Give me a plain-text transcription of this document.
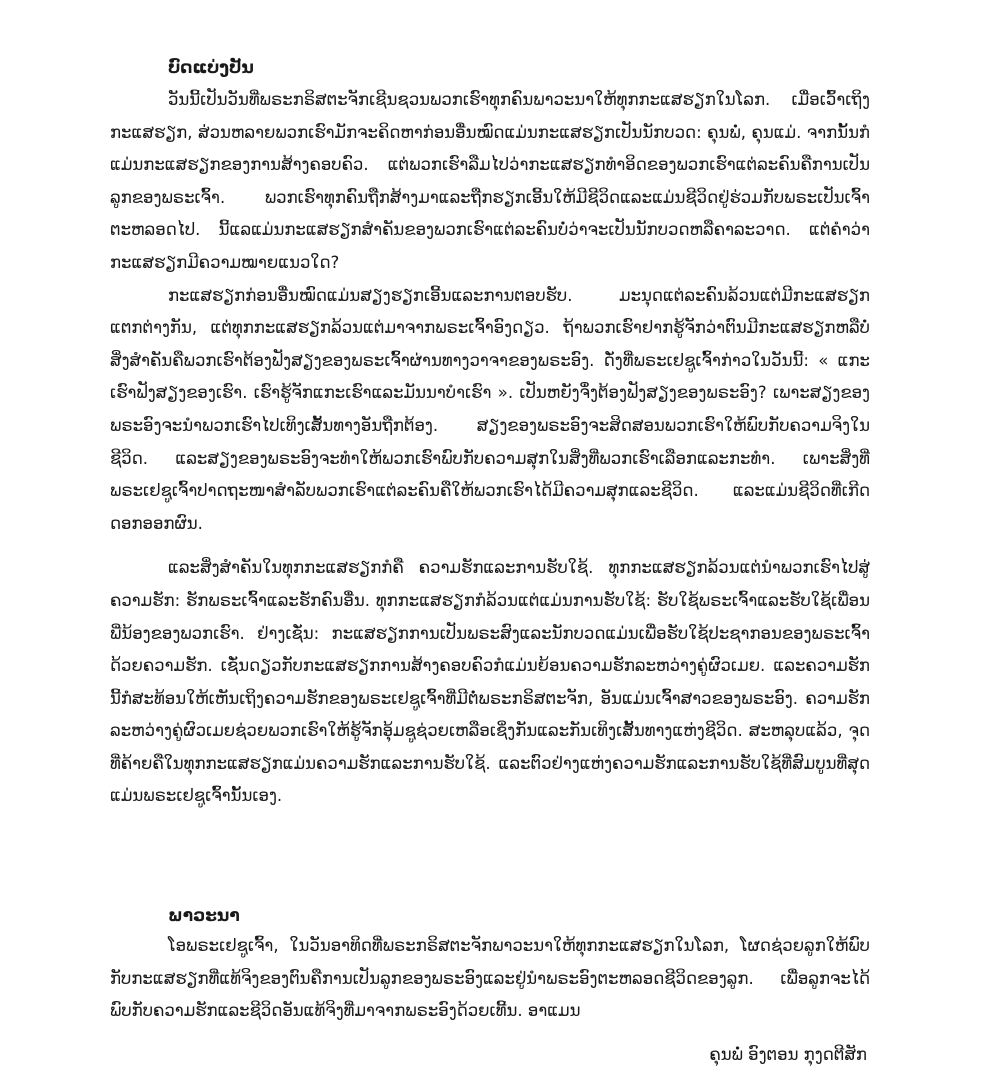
ບົດແບ່ງປັນ

ວັນນີ້ເປັນວັນທີ່ພຣະກຣິສຕະຈັກເຊີນຊວນພວກເຮົາທຸກຄົນພາວະນາໃຫ້ທຸກກະແສຮຽກໃນໂລກ. ເມື່ອເວົ້າເຖິງກະແສຮຽກ, ສ່ວນຫລາຍພວກເຮົາມັກຈະຄິດຫາກ່ອນອື່ນໝົດແມ່ນກະແສຮຽກເປັນນັກບວດ: ຄຸນພໍ່, ຄຸນແມ່. ຈາກນັ້ນກໍແມ່ນກະແສຮຽກຂອງການສ້າງຄອບຄົວ. ແຕ່ພວກເຮົາລືມໄປວ່າກະແສຮຽກທຳອິດຂອງພວກເຮົາແຕ່ລະຄົນຄືການເປັນລູກຂອງພຣະເຈົ້າ. ພວກເຮົາທຸກຄົນຖືກສ້າງມາແລະຖືກຮຽກເອີ້ນໃຫ້ມີຊີວິດແລະແມ່ນຊີວິດຢູ່ຮ່ວມກັບພຣະເປັນເຈົ້າຕະຫລອດໄປ. ນີ້ແລແມ່ນກະແສຮຽກສຳຄັນຂອງພວກເຮົາແຕ່ລະຄົນບໍ່ວ່າຈະເປັນນັກບວດຫລືຄາລະວາດ. ແຕ່ຄຳວ່າກະແສຮຽກມີຄວາມໝາຍແນວໃດ?

ກະແສຮຽກກ່ອນອື່ນໝົດແມ່ນສຽງຮຽກເອີ້ນແລະການຕອບຮັບ. ມະນຸດແຕ່ລະຄົນລ້ວນແຕ່ມີກະແສຮຽກແຕກຕ່າງກັນ, ແຕ່ທຸກກະແສຮຽກລ້ວນແຕ່ມາຈາກພຣະເຈົ້າອົງດຽວ. ຖ້າພວກເຮົາຢາກຮູ້ຈັກວ່າຕົນມີກະແສຮຽກຫລືບໍ່ ສິ່ງສຳຄັນຄືພວກເຮົາຕ້ອງຟັງສຽງຂອງພຣະເຈົ້າຜ່ານທາງວາຈາຂອງພຣະອົງ. ດັ່ງທີ່ພຣະເຢຊູເຈົ້າກ່າວໃນວັນນີ້: « ແກະເຮົາຟັງສຽງຂອງເຮົາ. ເຮົາຮູ້ຈັກແກະເຮົາແລະມັນນາບໍາເຮົາ ». ເປັນຫຍັງຈຶ່ງຕ້ອງຟັງສຽງຂອງພຣະອົງ? ເພາະສຽງຂອງພຣະອົງຈະນຳພວກເຮົາໄປເທິງເສັ້ນທາງອັນຖືກຕ້ອງ. ສຽງຂອງພຣະອົງຈະສິດສອນພວກເຮົາໃຫ້ພົບກັບຄວາມຈິງໃນຊີວິດ. ແລະສຽງຂອງພຣະອົງຈະທຳໃຫ້ພວກເຮົາພົບກັບຄວາມສຸກໃນສິ່ງທີ່ພວກເຮົາເລືອກແລະກະທຳ. ເພາະສິ່ງທີ່ພຣະເຢຊູເຈົ້າປາດຖະໜາສຳລັບພວກເຮົາແຕ່ລະຄົນຄືໃຫ້ພວກເຮົາໄດ້ມີຄວາມສຸກແລະຊີວິດ. ແລະແມ່ນຊີວິດທີ່ເກີດດອກອອກຜົນ.

ແລະສິ່ງສຳຄັນໃນທຸກກະແສຮຽກກໍຄື ຄວາມຮັກແລະການຮັບໃຊ້. ທຸກກະແສຮຽກລ້ວນແຕ່ນຳພວກເຮົາໄປສູ່ຄວາມຮັກ: ຮັກພຣະເຈົ້າແລະຮັກຄົນອື່ນ. ທຸກກະແສຮຽກກໍລ້ວນແຕ່ແມ່ນການຮັບໃຊ້: ຮັບໃຊ້ພຣະເຈົ້າແລະຮັບໃຊ້ເພື່ອນພີ່ນ້ອງຂອງພວກເຮົາ. ຢ່າງເຊັ່ນ: ກະແສຮຽກການເປັນພຣະສົງແລະນັກບວດແມ່ນເພື່ອຮັບໃຊ້ປະຊາກອນຂອງພຣະເຈົ້າດ້ວຍຄວາມຮັກ. ເຊັ່ນດຽວກັບກະແສຮຽກການສ້າງຄອບຄົວກໍແມ່ນຍ້ອນຄວາມຮັກລະຫວ່າງຄູ່ຜົວເມຍ. ແລະຄວາມຮັກນີ້ກໍສະທ້ອນໃຫ້ເຫັນເຖິງຄວາມຮັກຂອງພຣະເຢຊູເຈົ້າທີ່ມີຕໍ່ພຣະກຣິສຕະຈັກ, ອັນແມ່ນເຈົ້າສາວຂອງພຣະອົງ. ຄວາມຮັກລະຫວ່າງຄູ່ຜົວເມຍຊ່ວຍພວກເຮົາໃຫ້ຮູ້ຈັກອຸ້ມຊູຊ່ວຍເຫລືອເຊິ່ງກັນແລະກັນເທິງເສັ້ນທາງແຫ່ງຊີວິດ. ສະຫລຸບແລ້ວ, ຈຸດທີ່ຄ້າຍຄືໃນທຸກກະແສຮຽກແມ່ນຄວາມຮັກແລະການຮັບໃຊ້. ແລະຕົວຢ່າງແຫ່ງຄວາມຮັກແລະການຮັບໃຊ້ທີ່ສົມບູນທີ່ສຸດແມ່ນພຣະເຢຊູເຈົ້ານັ້ນເອງ.

ພາວະນາ

ໂອພຣະເຢຊູເຈົ້າ, ໃນວັນອາທິດທີ່ພຣະກຣິສຕະຈັກພາວະນາໃຫ້ທຸກກະແສຮຽກໃນໂລກ, ໂຜດຊ່ວຍລູກໃຫ້ພົບກັບກະແສຮຽກທີ່ແທ້ຈິງຂອງຕົນຄືການເປັນລູກຂອງພຣະອົງແລະຢູ່ນຳພຣະອົງຕະຫລອດຊີວິດຂອງລູກ. ເພື່ອລູກຈະໄດ້ພົບກັບຄວາມຮັກແລະຊີວິດອັນແທ້ຈິງທີ່ມາຈາກພຣະອົງດ້ວຍເທີ້ນ. ອາແມນ

ຄຸນພໍ່ ອົງຕອນ ກຸງດຕີສັກ
